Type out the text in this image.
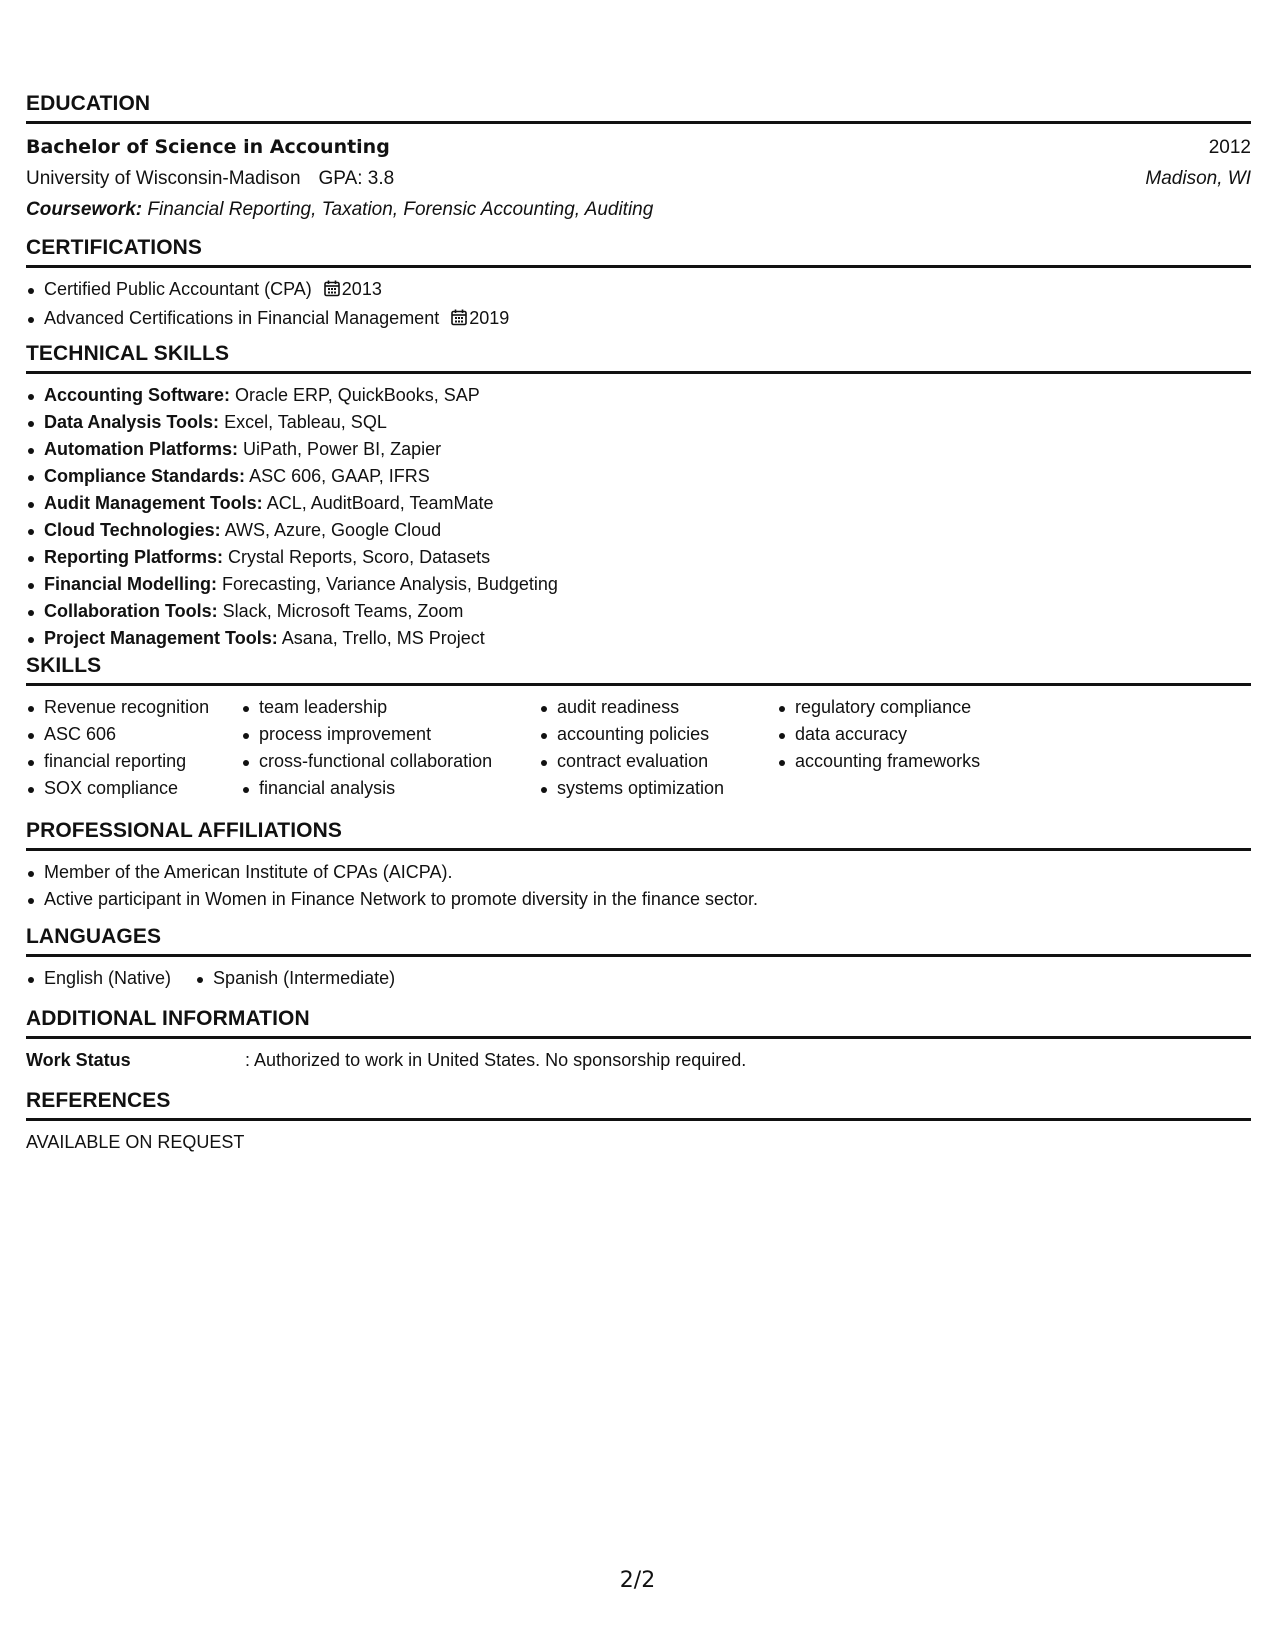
EDUCATION
Bachelor of Science in Accounting	2012
University of Wisconsin-Madison GPA: 3.8	Madison, WI
Coursework: Financial Reporting, Taxation, Forensic Accounting, Auditing
CERTIFICATIONS
Certified Public Accountant (CPA) 2013
Advanced Certifications in Financial Management 2019
TECHNICAL SKILLS
Accounting Software: Oracle ERP, QuickBooks, SAP
Data Analysis Tools: Excel, Tableau, SQL
Automation Platforms: UiPath, Power BI, Zapier
Compliance Standards: ASC 606, GAAP, IFRS
Audit Management Tools: ACL, AuditBoard, TeamMate
Cloud Technologies: AWS, Azure, Google Cloud
Reporting Platforms: Crystal Reports, Scoro, Datasets
Financial Modelling: Forecasting, Variance Analysis, Budgeting
Collaboration Tools: Slack, Microsoft Teams, Zoom
Project Management Tools: Asana, Trello, MS Project
SKILLS
Revenue recognition
ASC 606
financial reporting
SOX compliance
team leadership
process improvement
cross-functional collaboration
financial analysis
audit readiness
accounting policies
contract evaluation
systems optimization
regulatory compliance
data accuracy
accounting frameworks
PROFESSIONAL AFFILIATIONS
Member of the American Institute of CPAs (AICPA).
Active participant in Women in Finance Network to promote diversity in the finance sector.
LANGUAGES
English (Native) Spanish (Intermediate)
ADDITIONAL INFORMATION
Work Status	: Authorized to work in United States. No sponsorship required.
REFERENCES
AVAILABLE ON REQUEST
2/2
